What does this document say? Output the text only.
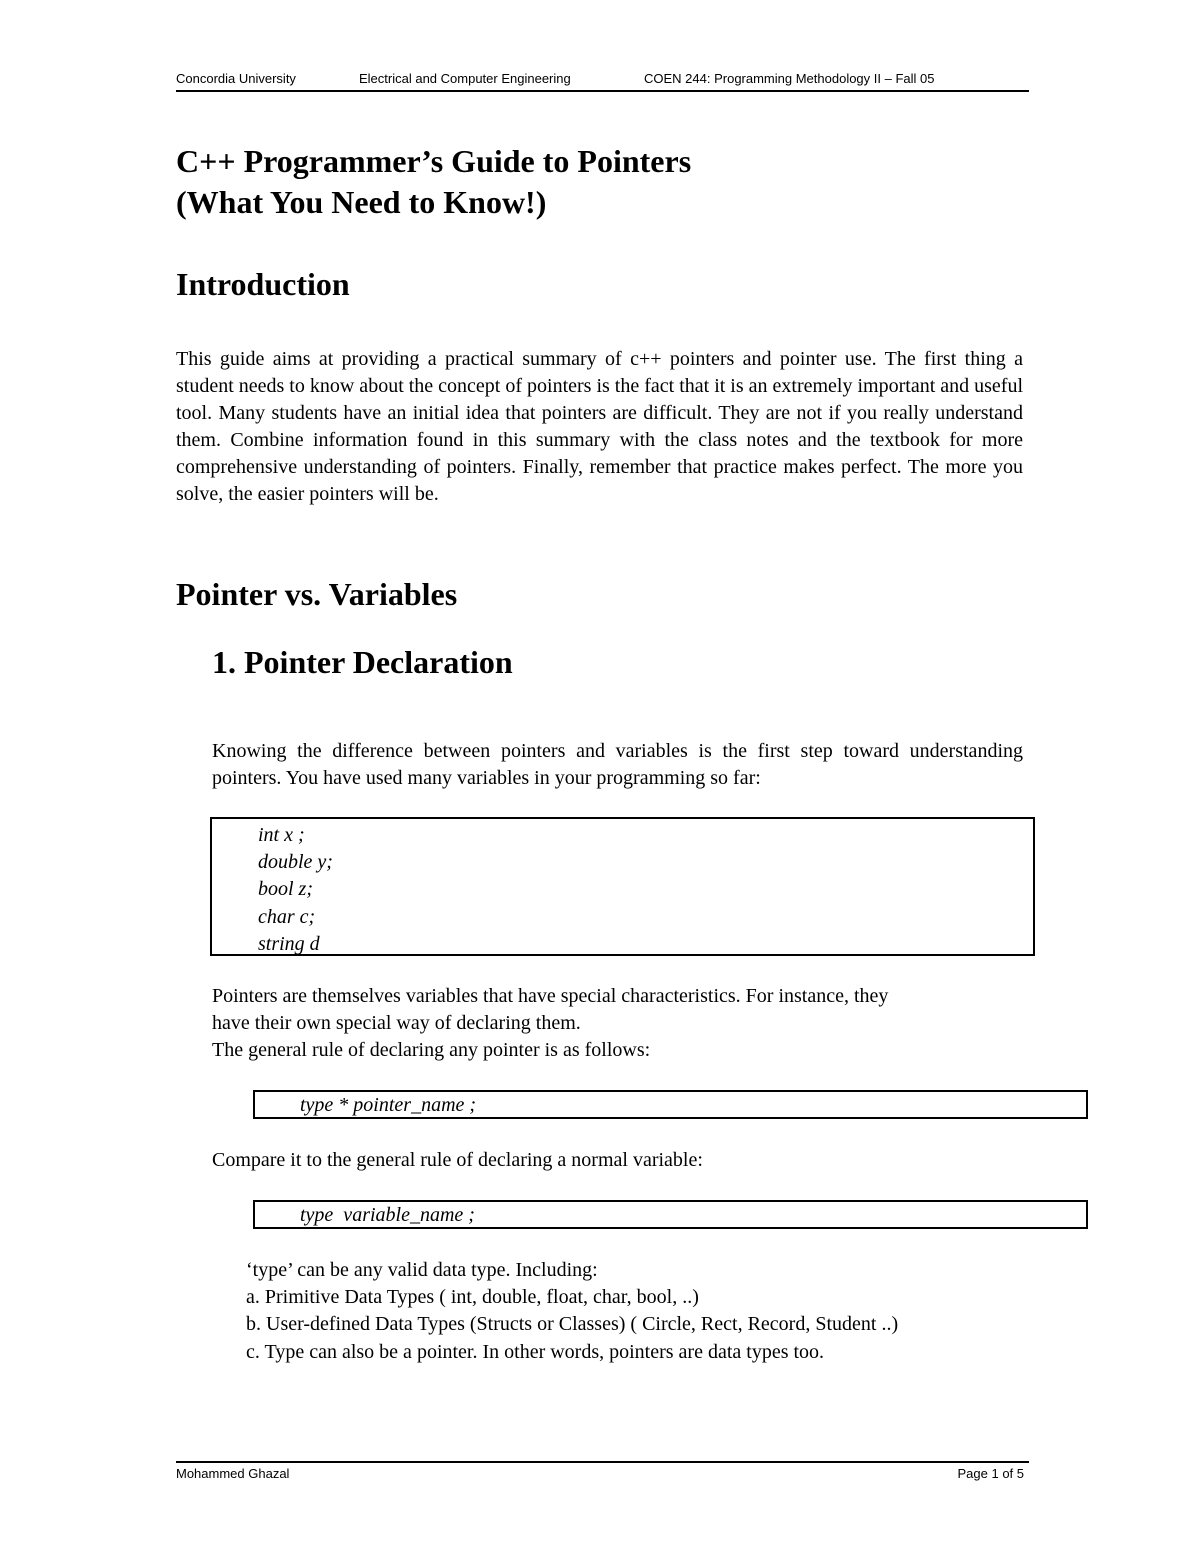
Concordia University	Electrical and Computer Engineering	COEN 244: Programming Methodology II – Fall 05
C++ Programmer’s Guide to Pointers
(What You Need to Know!)
Introduction
This guide aims at providing a practical summary of c++ pointers and pointer use. The first thing a student needs to know about the concept of pointers is the fact that it is an extremely important and useful tool. Many students have an initial idea that pointers are difficult. They are not if you really understand them. Combine information found in this summary with the class notes and the textbook for more comprehensive understanding of pointers. Finally, remember that practice makes perfect. The more you solve, the easier pointers will be.
Pointer vs. Variables
1. Pointer Declaration
Knowing the difference between pointers and variables is the first step toward understanding pointers. You have used many variables in your programming so far:
int x ;
double y;
bool z;
char c;
string d
Pointers are themselves variables that have special characteristics. For instance, they
have their own special way of declaring them.
The general rule of declaring any pointer is as follows:
type * pointer_name ;
Compare it to the general rule of declaring a normal variable:
type  variable_name ;
‘type’ can be any valid data type. Including:
a. Primitive Data Types ( int, double, float, char, bool, ..)
b. User-defined Data Types (Structs or Classes) ( Circle, Rect, Record, Student ..)
c. Type can also be a pointer. In other words, pointers are data types too.
Mohammed Ghazal	Page 1 of 5
